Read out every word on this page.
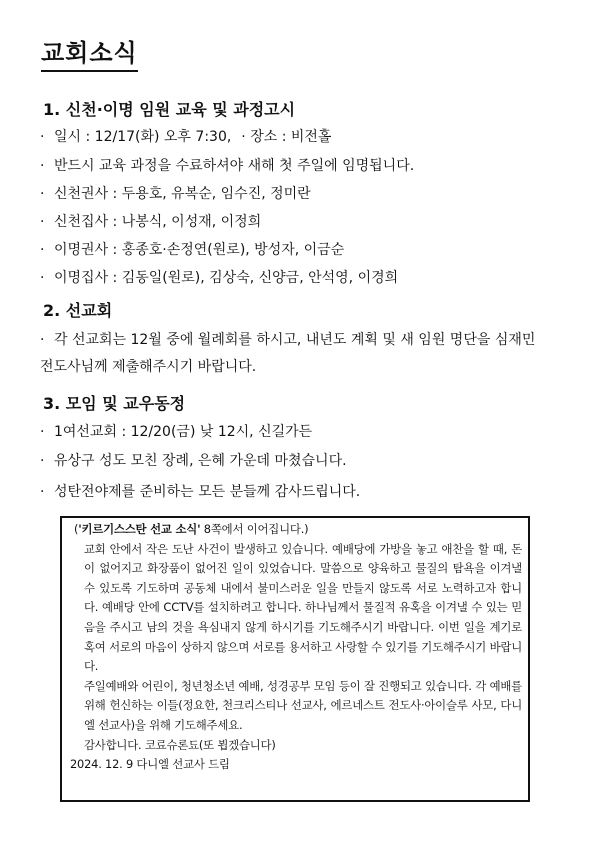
교회소식
1. 신천·이명 임원 교육 및 과정고시
· 일시 : 12/17(화) 오후 7:30, · 장소 : 비전홀
· 반드시 교육 과정을 수료하셔야 새해 첫 주일에 임명됩니다.
· 신천권사 : 두용호, 유복순, 임수진, 정미란
· 신천집사 : 나봉식, 이성재, 이정희
· 이명권사 : 홍종호·손정연(원로), 방성자, 이금순
· 이명집사 : 김동일(원로), 김상숙, 신양금, 안석영, 이경희
2. 선교회
· 각 선교회는 12월 중에 월례회를 하시고, 내년도 계획 및 새 임원 명단을 심재민전도사님께 제출해주시기 바랍니다.
3. 모임 및 교우동정
· 1여선교회 : 12/20(금) 낮 12시, 신길가든
· 유상구 성도 모친 장례, 은혜 가운데 마쳤습니다.
· 성탄전야제를 준비하는 모든 분들께 감사드립니다.

('키르기스스탄 선교 소식' 8쪽에서 이어집니다.)

교회 안에서 작은 도난 사건이 발생하고 있습니다. 예배당에 가방을 놓고 애찬을 할 때, 돈이 없어지고 화장품이 없어진 일이 있었습니다. 말씀으로 양육하고 물질의 탐욕을 이겨낼 수 있도록 기도하며 공동체 내에서 불미스러운 일을 만들지 않도록 서로 노력하고자 합니다. 예배당 안에 CCTV를 설치하려고 합니다. 하나님께서 물질적 유혹을 이겨낼 수 있는 믿음을 주시고 남의 것을 욕심내지 않게 하시기를 기도해주시기 바랍니다. 이번 일을 계기로 혹여 서로의 마음이 상하지 않으며 서로를 용서하고 사랑할 수 있기를 기도해주시기 바랍니다.

주일예배와 어린이, 청년청소년 예배, 성경공부 모임 등이 잘 진행되고 있습니다. 각 예배를 위해 헌신하는 이들(정요한, 천크리스티나 선교사, 에르네스트 전도사·아이슬루 사모, 다니엘 선교사)을 위해 기도해주세요.

감사합니다. 코료슈론됴(또 뵙겠습니다)

2024. 12. 9 다니엘 선교사 드림
